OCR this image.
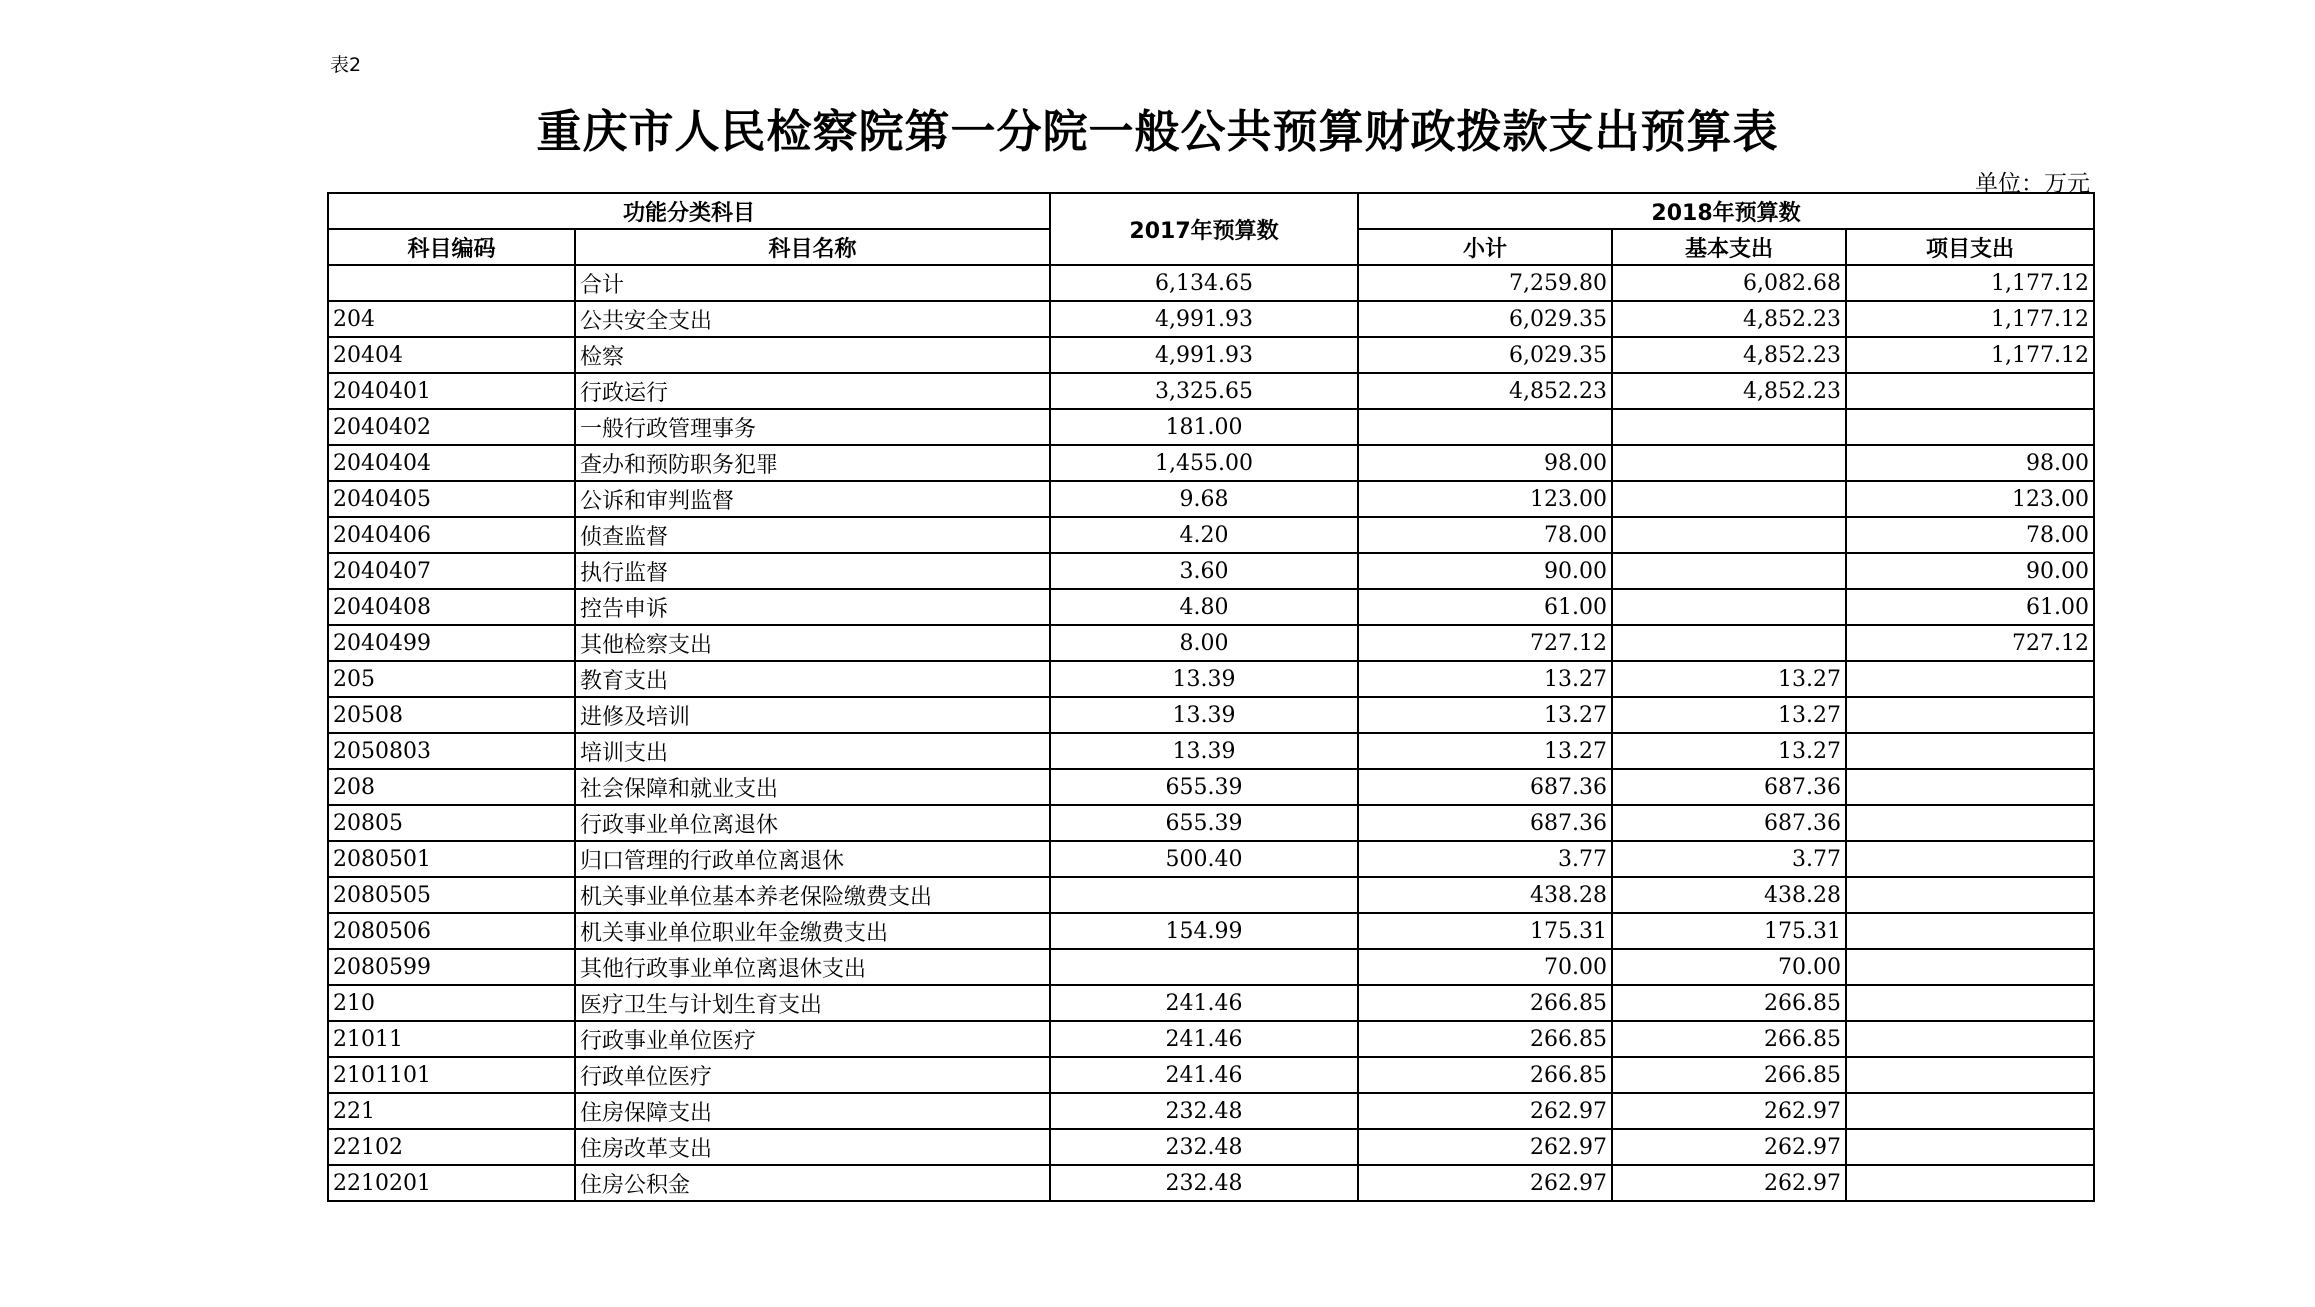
表2
重庆市人民检察院第一分院一般公共预算财政拨款支出预算表
单位：万元
功能分类科目		2017年预算数	2018年预算数		
科目编码	科目名称		小计	基本支出	项目支出
	合计	6,134.65	7,259.80	6,082.68	1,177.12
204	公共安全支出	4,991.93	6,029.35	4,852.23	1,177.12
20404	检察	4,991.93	6,029.35	4,852.23	1,177.12
2040401	行政运行	3,325.65	4,852.23	4,852.23	
2040402	一般行政管理事务	181.00			
2040404	查办和预防职务犯罪	1,455.00	98.00		98.00
2040405	公诉和审判监督	9.68	123.00		123.00
2040406	侦查监督	4.20	78.00		78.00
2040407	执行监督	3.60	90.00		90.00
2040408	控告申诉	4.80	61.00		61.00
2040499	其他检察支出	8.00	727.12		727.12
205	教育支出	13.39	13.27	13.27	
20508	进修及培训	13.39	13.27	13.27	
2050803	培训支出	13.39	13.27	13.27	
208	社会保障和就业支出	655.39	687.36	687.36	
20805	行政事业单位离退休	655.39	687.36	687.36	
2080501	归口管理的行政单位离退休	500.40	3.77	3.77	
2080505	机关事业单位基本养老保险缴费支出		438.28	438.28	
2080506	机关事业单位职业年金缴费支出	154.99	175.31	175.31	
2080599	其他行政事业单位离退休支出		70.00	70.00	
210	医疗卫生与计划生育支出	241.46	266.85	266.85	
21011	行政事业单位医疗	241.46	266.85	266.85	
2101101	行政单位医疗	241.46	266.85	266.85	
221	住房保障支出	232.48	262.97	262.97	
22102	住房改革支出	232.48	262.97	262.97	
2210201	住房公积金	232.48	262.97	262.97	
